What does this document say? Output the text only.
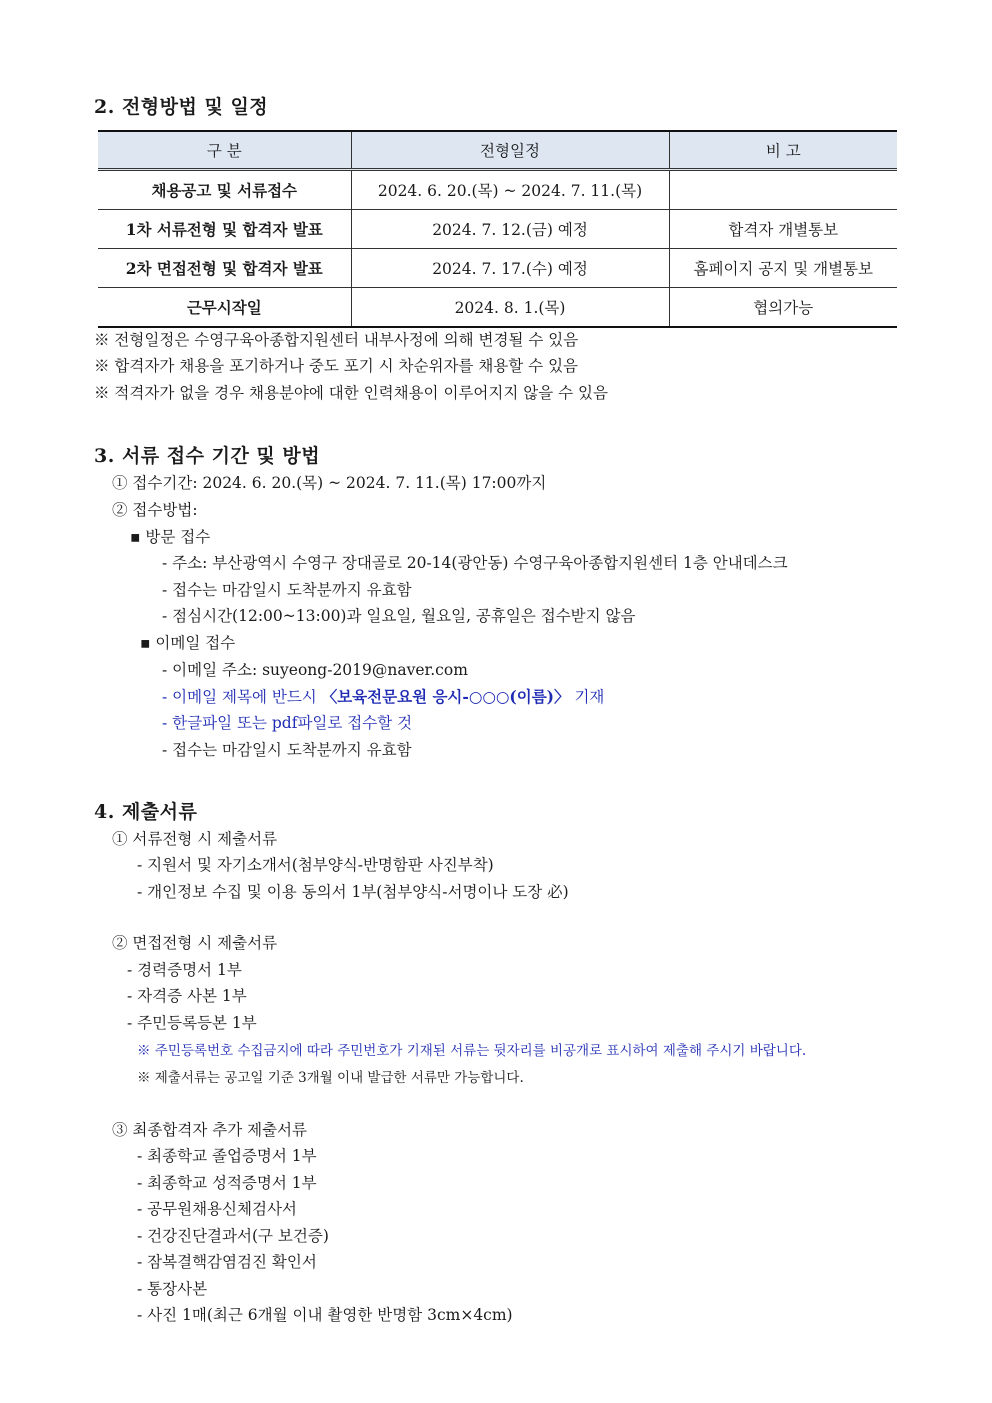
2. 전형방법 및 일정
구 분	전형일정	비 고
채용공고 및 서류접수	2024. 6. 20.(목) ~ 2024. 7. 11.(목)	
1차 서류전형 및 합격자 발표	2024. 7. 12.(금) 예정	합격자 개별통보
2차 면접전형 및 합격자 발표	2024. 7. 17.(수) 예정	홈페이지 공지 및 개별통보
근무시작일	2024. 8. 1.(목)	협의가능
※ 전형일정은 수영구육아종합지원센터 내부사정에 의해 변경될 수 있음
※ 합격자가 채용을 포기하거나 중도 포기 시 차순위자를 채용할 수 있음
※ 적격자가 없을 경우 채용분야에 대한 인력채용이 이루어지지 않을 수 있음
3. 서류 접수 기간 및 방법
① 접수기간: 2024. 6. 20.(목) ~ 2024. 7. 11.(목) 17:00까지
② 접수방법:
▪ 방문 접수
- 주소: 부산광역시 수영구 장대골로 20-14(광안동) 수영구육아종합지원센터 1층 안내데스크
- 접수는 마감일시 도착분까지 유효함
- 점심시간(12:00~13:00)과 일요일, 월요일, 공휴일은 접수받지 않음
▪ 이메일 접수
- 이메일 주소: suyeong-2019@naver.com
- 이메일 제목에 반드시 〈보육전문요원 응시-○○○(이름)〉 기재
- 한글파일 또는 pdf파일로 접수할 것
- 접수는 마감일시 도착분까지 유효함
4. 제출서류
① 서류전형 시 제출서류
- 지원서 및 자기소개서(첨부양식-반명함판 사진부착)
- 개인정보 수집 및 이용 동의서 1부(첨부양식-서명이나 도장 必)
② 면접전형 시 제출서류
- 경력증명서 1부
- 자격증 사본 1부
- 주민등록등본 1부
※ 주민등록번호 수집금지에 따라 주민번호가 기재된 서류는 뒷자리를 비공개로 표시하여 제출해 주시기 바랍니다.
※ 제출서류는 공고일 기준 3개월 이내 발급한 서류만 가능합니다.
③ 최종합격자 추가 제출서류
- 최종학교 졸업증명서 1부
- 최종학교 성적증명서 1부
- 공무원채용신체검사서
- 건강진단결과서(구 보건증)
- 잠복결핵감염검진 확인서
- 통장사본
- 사진 1매(최근 6개월 이내 촬영한 반명함 3cm×4cm)
